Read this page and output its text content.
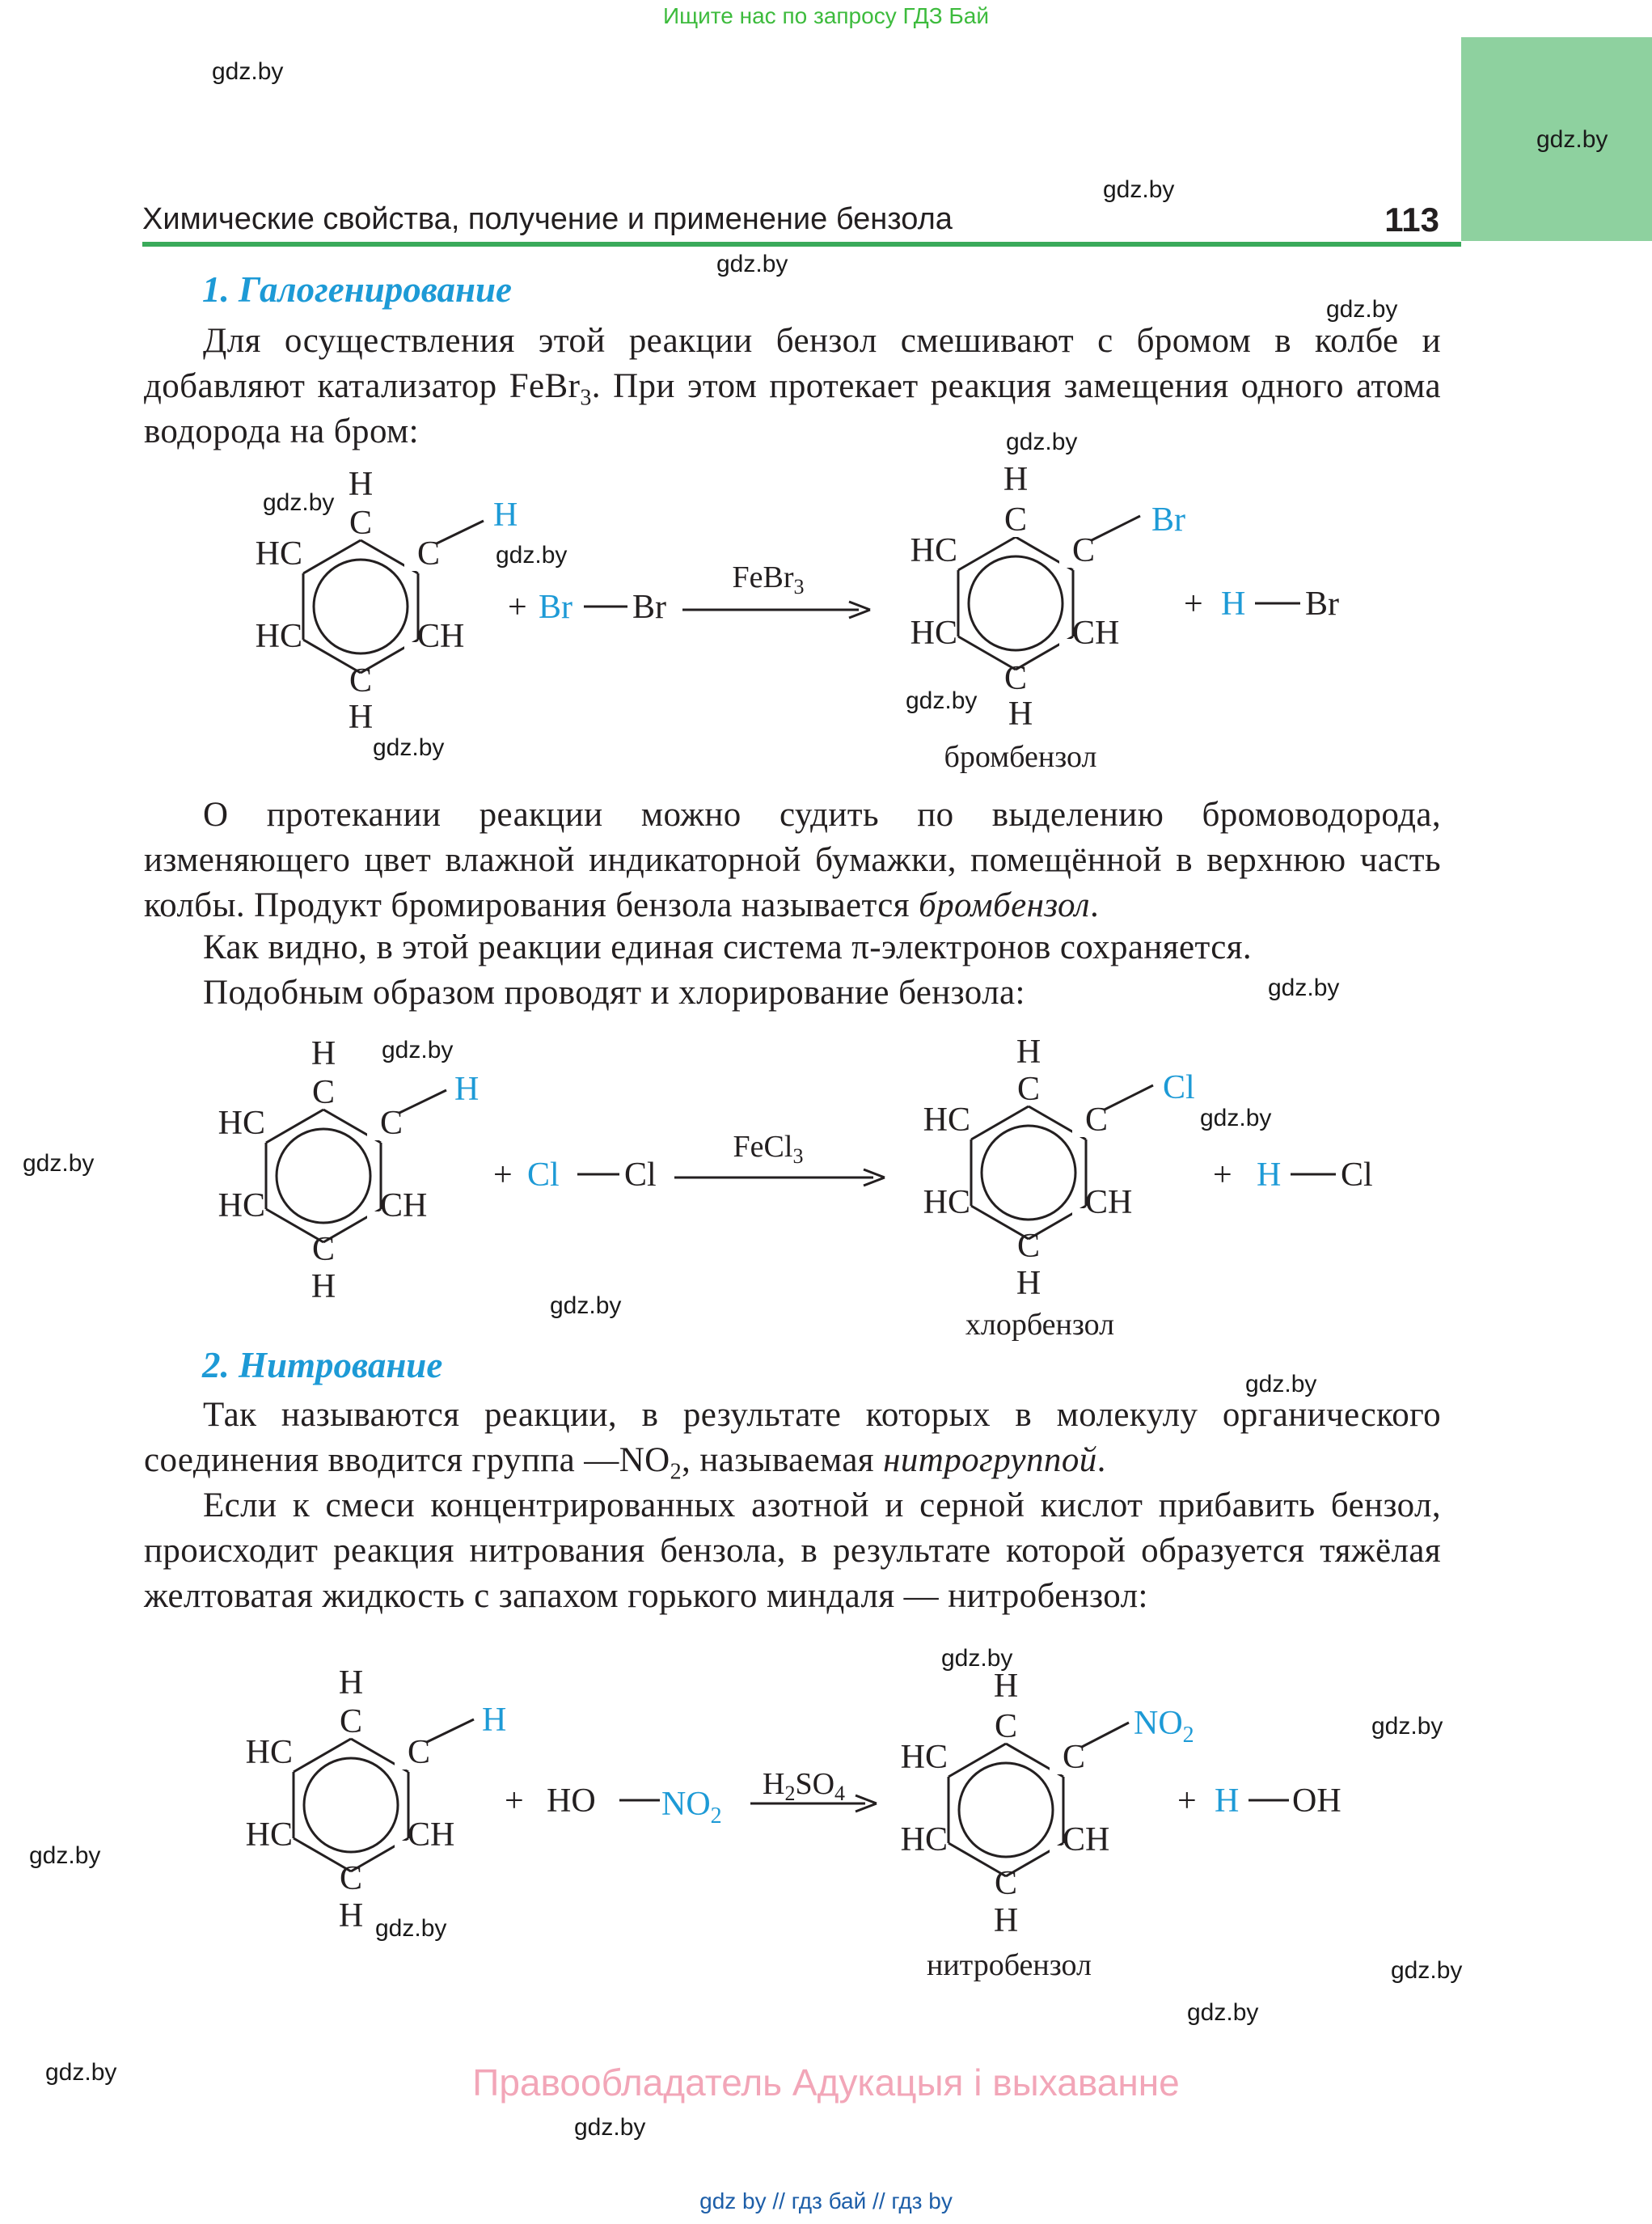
Ищите нас по запросу ГДЗ Бай
Химические свойства, получение и применение бензола	113
gdz.by
gdz.by
gdz.by
gdz.by
gdz.by
gdz.by
gdz.by
gdz.by
gdz.by
gdz.by
gdz.by
gdz.by
gdz.by
gdz.by
gdz.by
gdz.by
gdz.by
gdz.by
gdz.by
gdz.by
gdz.by
gdz.by
gdz.by
gdz.by
1. Галогенирование
Для осуществления этой реакции бензол смешивают с бромом в колбе и добавляют катализатор FeBr$_3$. При этом протекает реакция замещения одного атома водорода на бром:
H
C
HC
HC
C
CH
C
H
H
+ Br Br
FeBr$_3$
H
C
HC
HC
C
CH
C
H
Br
+ H Br
бромбензол
О протекании реакции можно судить по выделению бромоводорода, изменяющего цвет влажной индикаторной бумажки, помещённой в верхнюю часть колбы. Продукт бромирования бензола называется бромбензол.
Как видно, в этой реакции единая система π-электронов сохраняется.
Подобным образом проводят и хлорирование бензола:
H
C
HC
HC
C
CH
C
H
H
+ Cl Cl
FeCl$_3$
H
C
HC
HC
C
CH
C
H
Cl
+ H Cl
хлорбензол
2. Нитрование
Так называются реакции, в результате которых в молекулу органического соединения вводится группа $—NO_2$, называемая нитрогруппой.
Если к смеси концентрированных азотной и серной кислот прибавить бензол, происходит реакция нитрования бензола, в результате которой образуется тяжёлая желтоватая жидкость с запахом горького миндаля — нитробензол:
H
C
HC
HC
C
CH
C
H
H
+ HO $NO_2$
$H_2SO_4$
H
C
HC
HC
C
CH
C
H
$NO_2$
+ H OH
нитробензол
Правообладатель Адукацыя і выхаванне
gdz by // гдз бай // гдз by
